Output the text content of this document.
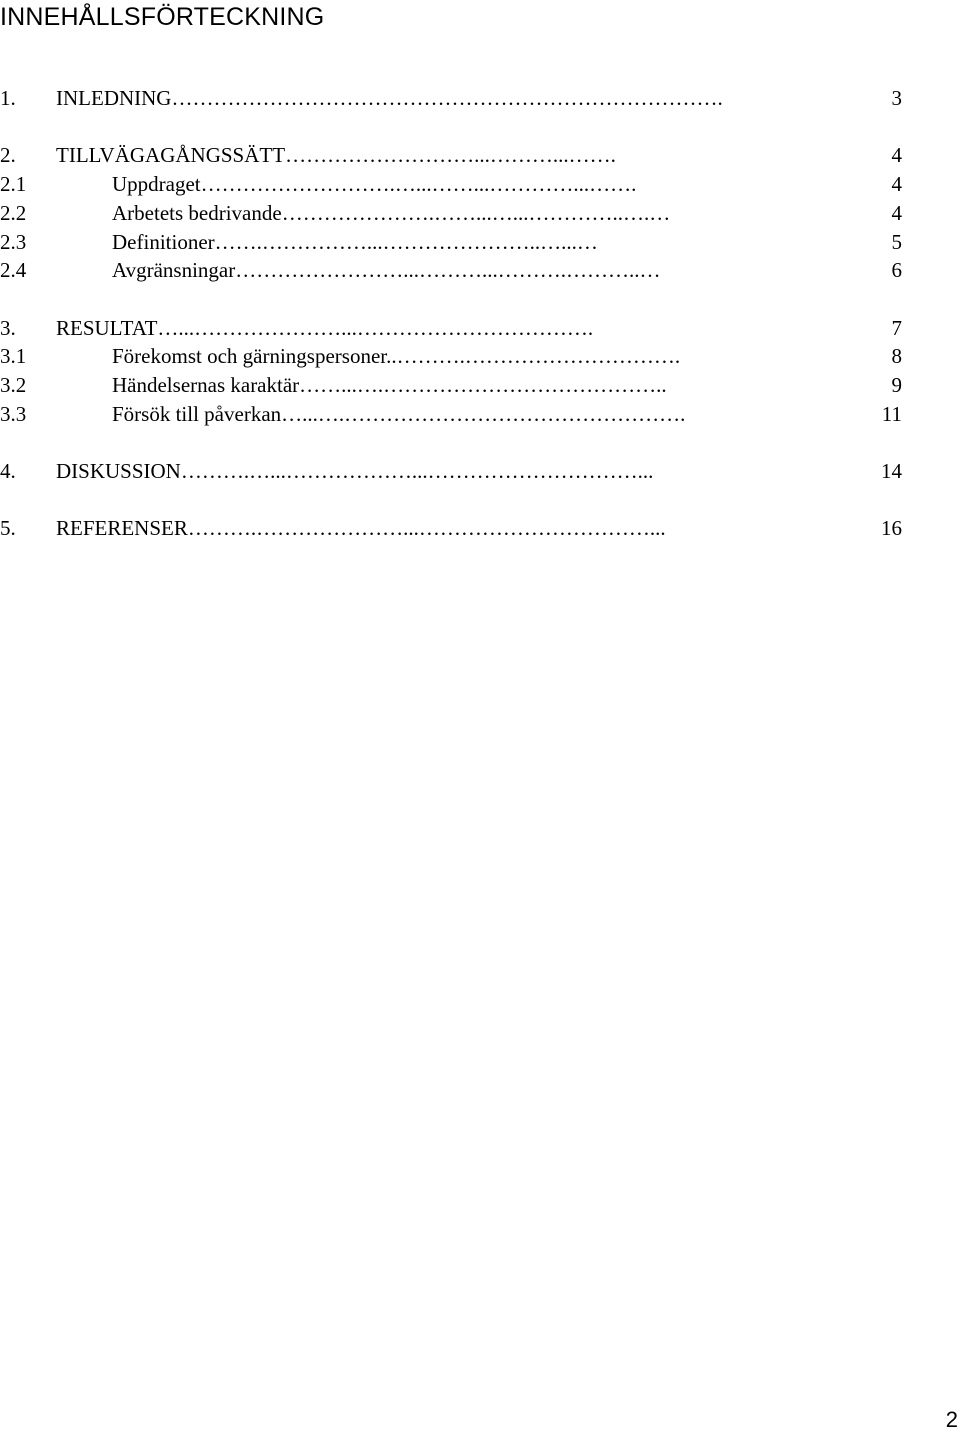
INNEHÅLLSFÖRTECKNING
1. INLEDNING…………………………………………………………………….	3
2. TILLVÄGAGÅNGSSÄTT………………………...………...…….	4
2.1	Uppdraget……………………….…...……...…………...…….	4
2.2	Arbetets bedrivande………………….……...…...…………..….…	4
2.3	Definitioner…….……………...…………………..…...…	5
2.4	Avgränsningar……………………...………...……….………..…	6
3. RESULTAT…...…………………...…………………………….	7
3.1	Förekomst och gärningspersoner..……….………………………….	8
3.2	Händelsernas karaktär……...….…………………………………..	9
3.3	Försök till påverkan…...….………………………………………….	11
4. DISKUSSION……….…...………………...…………………………...	14
5. REFERENSER……….…………………...……………………………...	16
2
